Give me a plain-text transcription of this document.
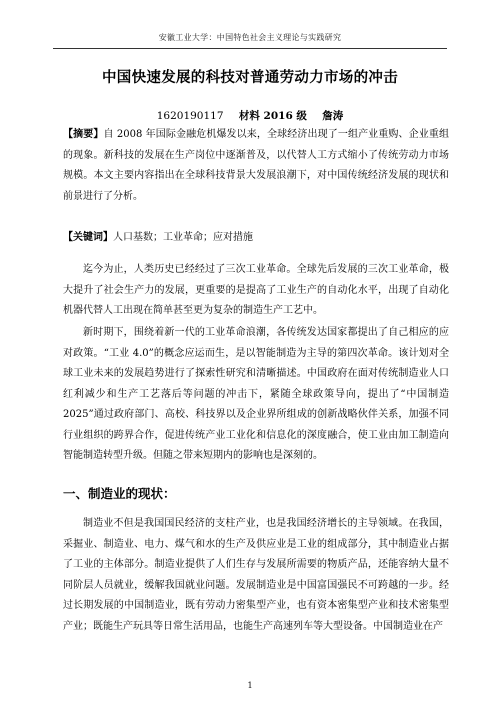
安徽工业大学：中国特色社会主义理论与实践研究
中国快速发展的科技对普通劳动力市场的冲击
1620190117 材料 2016 级 詹涛
【摘要】自 2008 年国际金融危机爆发以来，全球经济出现了一组产业重购、企业重组的现象。新科技的发展在生产岗位中逐渐普及，以代替人工方式缩小了传统劳动力市场规模。本文主要内容指出在全球科技背景大发展浪潮下，对中国传统经济发展的现状和前景进行了分析。
【关键词】人口基数；工业革命；应对措施
迄今为止，人类历史已经经过了三次工业革命。全球先后发展的三次工业革命，极大提升了社会生产力的发展，更重要的是提高了工业生产的自动化水平，出现了自动化机器代替人工出现在简单甚至更为复杂的制造生产工艺中。
新时期下，围绕着新一代的工业革命浪潮，各传统发达国家都提出了自己相应的应对政策。“工业 4.0”的概念应运而生，是以智能制造为主导的第四次革命。该计划对全球工业未来的发展趋势进行了探索性研究和清晰描述。中国政府在面对传统制造业人口红利减少和生产工艺落后等问题的冲击下，紧随全球政策导向，提出了“中国制造 2025”通过政府部门、高校、科技界以及企业界所组成的创新战略伙伴关系，加强不同行业组织的跨界合作，促进传统产业工业化和信息化的深度融合，使工业由加工制造向智能制造转型升级。但随之带来短期内的影响也是深刻的。
一、制造业的现状：
制造业不但是我国国民经济的支柱产业，也是我国经济增长的主导领域。在我国，采掘业、制造业、电力、煤气和水的生产及供应业是工业的组成部分，其中制造业占据了工业的主体部分。制造业提供了人们生存与发展所需要的物质产品，还能容纳大量不同阶层人员就业，缓解我国就业问题。发展制造业是中国富国强民不可跨越的一步。经过长期发展的中国制造业，既有劳动力密集型产业，也有资本密集型产业和技术密集型产业；既能生产玩具等日常生活用品，也能生产高速列车等大型设备。中国制造业在产
1
